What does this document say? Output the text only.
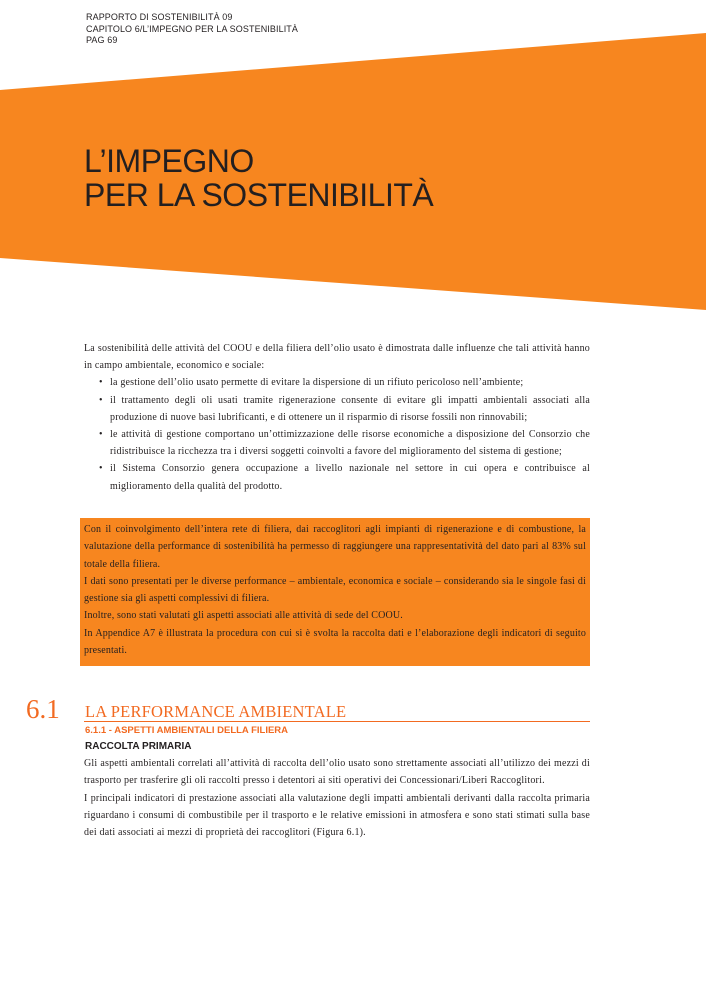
RAPPORTO DI SOSTENIBILITÀ 09
CAPITOLO 6/L’IMPEGNO PER LA SOSTENIBILITÀ
PAG 69
L’IMPEGNO
PER LA SOSTENIBILITÀ

La sostenibilità delle attività del COOU e della filiera dell’olio usato è dimostrata dalle influenze che tali attività hanno in campo ambientale, economico e sociale:

• la gestione dell’olio usato permette di evitare la dispersione di un rifiuto pericoloso nell’ambiente;
• il trattamento degli oli usati tramite rigenerazione consente di evitare gli impatti ambientali associati alla produzione di nuove basi lubrificanti, e di ottenere un il risparmio di risorse fossili non rinnovabili;
• le attività di gestione comportano un’ottimizzazione delle risorse economiche a disposizione del Consorzio che ridistribuisce la ricchezza tra i diversi soggetti coinvolti a favore del miglioramento del sistema di gestione;
• il Sistema Consorzio genera occupazione a livello nazionale nel settore in cui opera e contribuisce al miglioramento della qualità del prodotto.

Con il coinvolgimento dell’intera rete di filiera, dai raccoglitori agli impianti di rigenerazione e di combustione, la valutazione della performance di sostenibilità ha permesso di raggiungere una rappresentatività del dato pari al 83% sul totale della filiera.

I dati sono presentati per le diverse performance – ambientale, economica e sociale – considerando sia le singole fasi di gestione sia gli aspetti complessivi di filiera.

Inoltre, sono stati valutati gli aspetti associati alle attività di sede del COOU.

In Appendice A7 è illustrata la procedura con cui si è svolta la raccolta dati e l’elaborazione degli indicatori di seguito presentati.

6.1 LA PERFORMANCE AMBIENTALE
6.1.1 - ASPETTI AMBIENTALI DELLA FILIERA
RACCOLTA PRIMARIA

Gli aspetti ambientali correlati all’attività di raccolta dell’olio usato sono strettamente associati all’utilizzo dei mezzi di trasporto per trasferire gli oli raccolti presso i detentori ai siti operativi dei Concessionari/Liberi Raccoglitori.

I principali indicatori di prestazione associati alla valutazione degli impatti ambientali derivanti dalla raccolta primaria riguardano i consumi di combustibile per il trasporto e le relative emissioni in atmosfera e sono stati stimati sulla base dei dati associati ai mezzi di proprietà dei raccoglitori (Figura 6.1).
